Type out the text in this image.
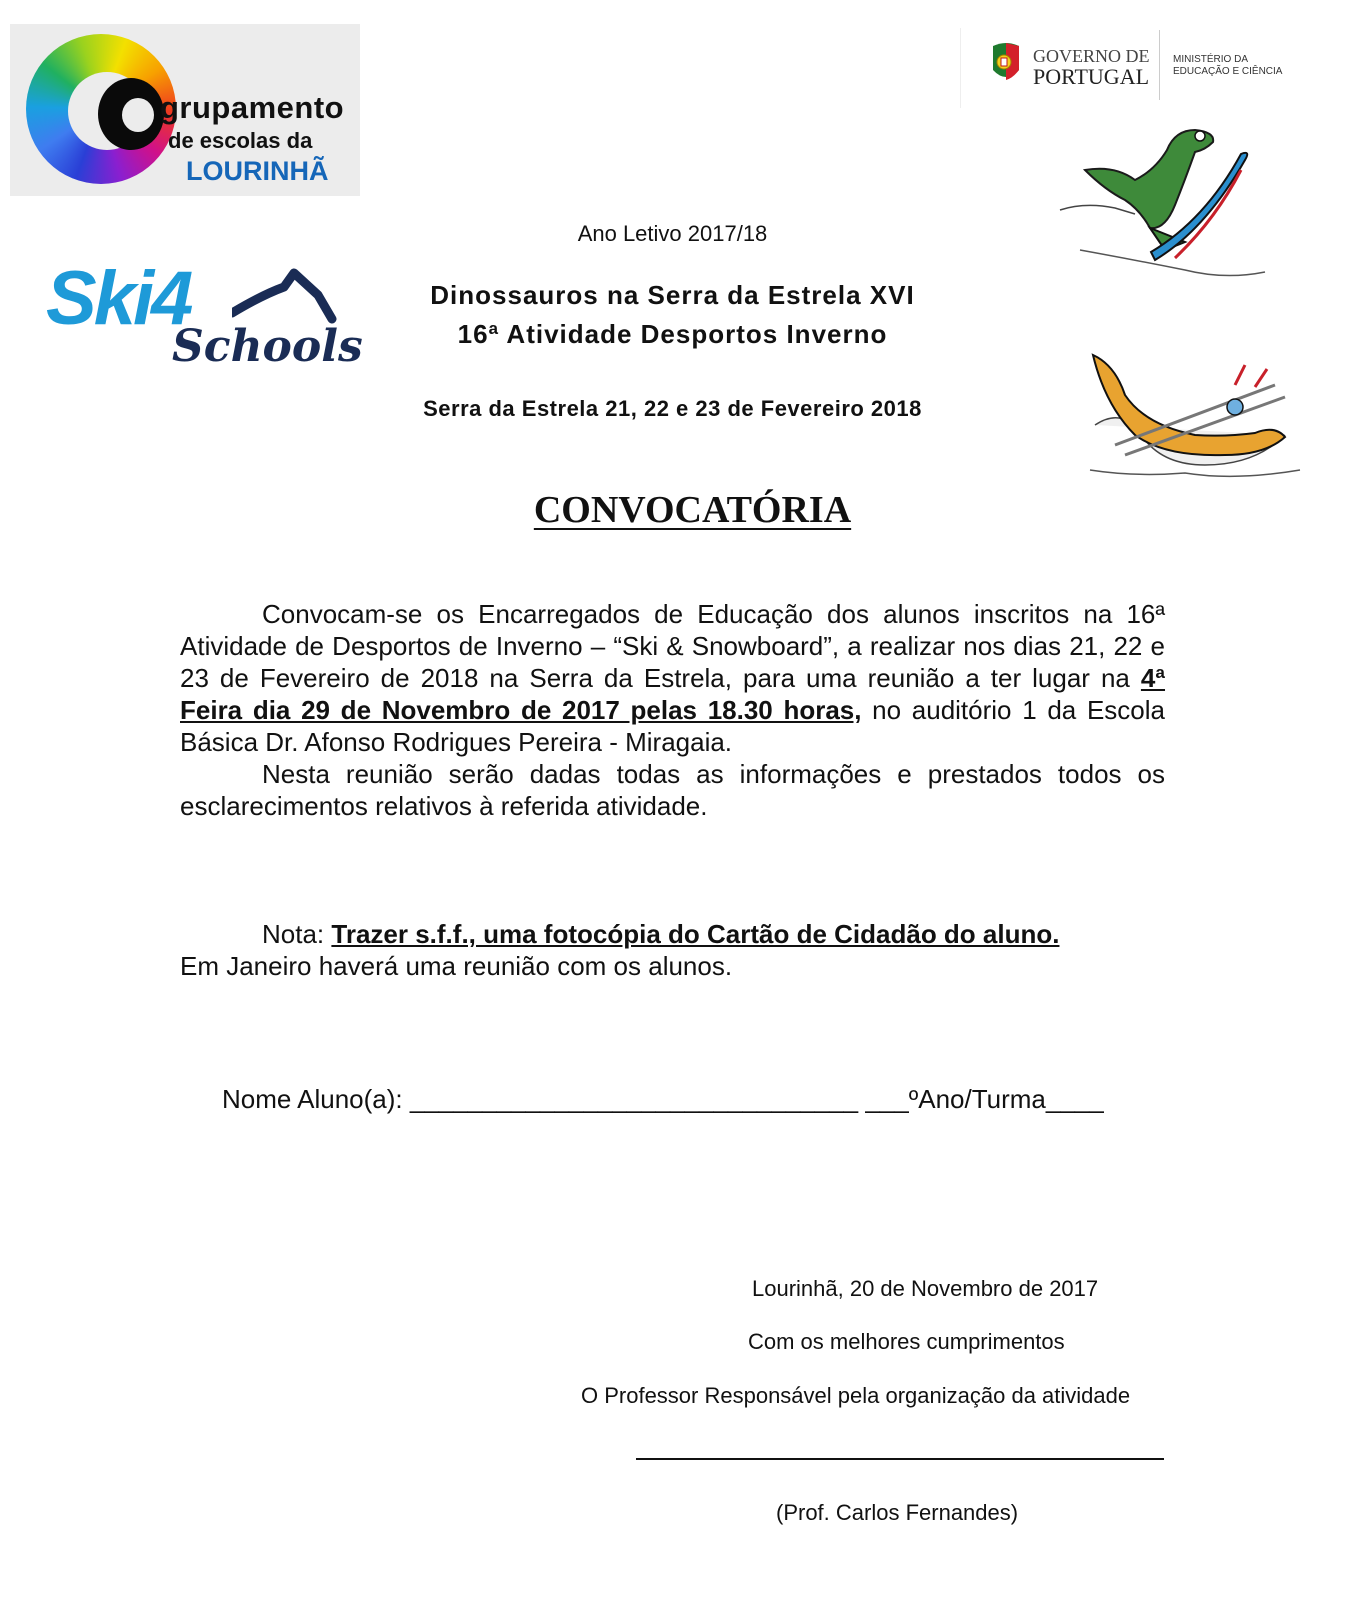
grupamento
de escolas da
LOURINHÃ
GOVERNO DE
PORTUGAL
MINISTÉRIO DA EDUCAÇÃO E CIÊNCIA
Ski4
Schools
Ano Letivo 2017/18
Dinossauros na Serra da Estrela XVI
16ª Atividade Desportos Inverno
Serra da Estrela 21, 22 e 23 de Fevereiro 2018
CONVOCATÓRIA

Convocam-se os Encarregados de Educação dos alunos inscritos na 16ª Atividade de Desportos de Inverno – “Ski & Snowboard”, a realizar nos dias 21, 22 e 23 de Fevereiro de 2018 na Serra da Estrela, para uma reunião a ter lugar na 4ª Feira dia 29 de Novembro de 2017 pelas 18.30 horas, no auditório 1 da Escola Básica Dr. Afonso Rodrigues Pereira - Miragaia.

Nesta reunião serão dadas todas as informações e prestados todos os esclarecimentos relativos à referida atividade.

Nota: Trazer s.f.f., uma fotocópia do Cartão de Cidadão do aluno.
Em Janeiro haverá uma reunião com os alunos.
Nome Aluno(a): _______________________________ ___ºAno/Turma____
Lourinhã, 20 de Novembro de 2017
Com os melhores cumprimentos
O Professor Responsável pela organização da atividade
(Prof. Carlos Fernandes)
